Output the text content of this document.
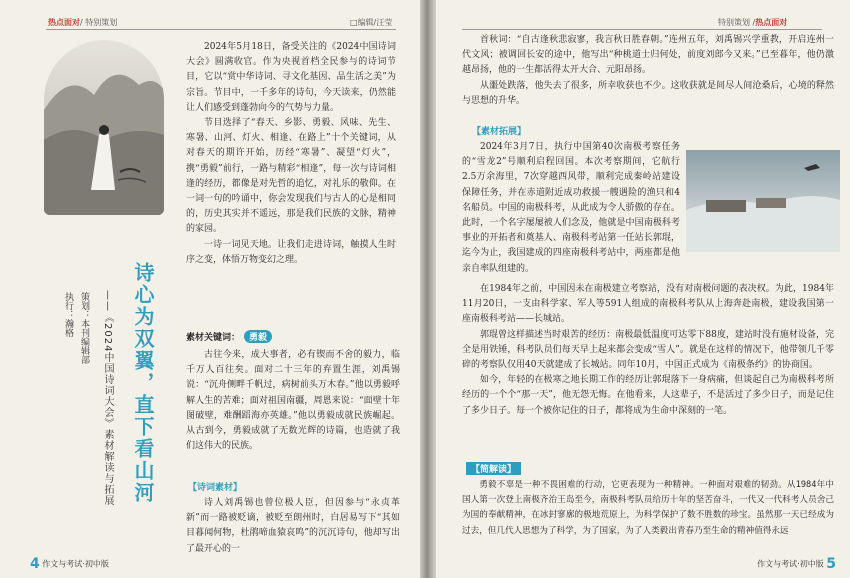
热点面对/ 特别策划	□编辑/汪莹

2024年5月18日，备受关注的《2024中国诗词大会》圆满收官。作为央视首档全民参与的诗词节目，它以“赏中华诗词、寻文化基因、品生活之美”为宗旨。节目中，一千多年的诗句，今天读来，仍然能让人们感受到蓬勃向今的气势与力量。

节目选择了“春天、乡影、勇毅、风味、先生、寒暑、山河、灯火、相逢、在路上”十个关键词，从对春天的期许开始，历经“寒暑”、凝望“灯火”，携“勇毅”前行，一路与精彩“相逢”，每一次与诗词相逢的经历，都像是对先哲的追忆，对礼乐的敬仰。在一词一句的吟诵中，你会发现我们与古人的心是相同的，历史其实并不遥远，那是我们民族的文脉，精神的家园。

一诗一词见天地。让我们走进诗词，触摸人生时序之变，体悟万物变幻之理。

诗心为双翼，直下看山河
——《2024中国诗词大会》素材解读与拓展
策划：本刊编辑部
执行：瀚格
素材关键词： 勇毅

古往今来，成大事者，必有锲而不舍的毅力，临千万人百往矣。面对二十三年的弃置生涯，刘禹锡说：“沉舟侧畔千帆过，病树前头万木春。”他以勇毅呼解人生的苦难；面对祖国南疆，周恩来说：“面壁十年图破壁，难酬蹈海亦英雄。”他以勇毅成就民族崛起。从古到今，勇毅成就了无数光辉的诗篇，也造就了我们这伟大的民族。

【诗词素材】

诗人刘禹锡也曾位极人臣，但因参与“永贞革新”而一路被贬谪，被贬至朗州时，白居易写下“其如目暮闻何物，杜鹃啼血猿哀鸣”的沉沉诗句，他却写出了最开心的一

4 作文与考试·初中版
特别策划 /热点面对

首秋词：“自古逢秋悲寂寥，我言秋日胜春朝。”连州五年，刘禹锡兴学重教，开启连州一代文风；被调回长安的途中，他写出“种桃道士归何处，前度刘郎今又来。”已至暮年，他仍激越昂扬，他的一生都活得太开大合、元阳昂扬。

从噩处跌落，他失去了很多，所幸收获也不少。这收获就是间尽人间沧桑后，心境的释然与思想的升华。

【素材拓展】

2024年3月7日，执行中国第40次南极考察任务的“雪龙2”号顺利启程回国。本次考察期间，它航行2.5万余海里，7次穿越西风带，顺利完成秦岭站建设保障任务，并在赤道附近成功救援一艘遇险的渔只和4名船员。中国的南极科考，从此成为令人骄傲的存在。此时，一个名字屡屡被人们念及，他就是中国南极科考事业的开拓者和奠基人、南极科考站第一任站长郭琨，迄今为止，我国建成的四座南极科考站中，两座都是他亲自率队组建的。

在1984年之前，中国因未在南极建立考察站，没有对南极问题的表决权。为此，1984年11月20日，一支由科学家、军人等591人组成的南极科考队从上海奔赴南极，建设我国第一座南极科考站——长城站。

郭琨曾这样描述当时艰苦的经历：南极最低温度可达零下88度，建站时没有施材设备，完全是用铁锤，科考队员们每天早上起来都会变成“雪人”。就是在这样的情况下，他带领几千零碎的考察队仅用40天就建成了长城站。同年10月，中国正式成为《南极条约》的协商国。

如今，年轻的在极寒之地长期工作的经历让郭琨落下一身病痛，但谈起自己为南极科考所经历的一个个“那一天”，他无怨无悔。在他看来，人这辈子，不是活过了多少日子，而是记住了多少日子。每一个被你记住的日子，都将成为生命中深刻的一笔。

【简解读】

勇毅不辜是一种不畏困难的行动，它更表现为一种精神。一种面对艰难的韧劲。从1984年中国人第一次登上南极齐治王岛至今，南极科考队员给历十年的坚苦奋斗，一代又一代科考人员舍己为国的奉献精神，在冰封寥廓的极地荒原上，为科学保护了数不胜数的珍宝。虽然那一天已经成为过去，但几代人思想为了科学，为了国家，为了人类毅出青春乃至生命的精神值得永远

作文与考试·初中版 5
